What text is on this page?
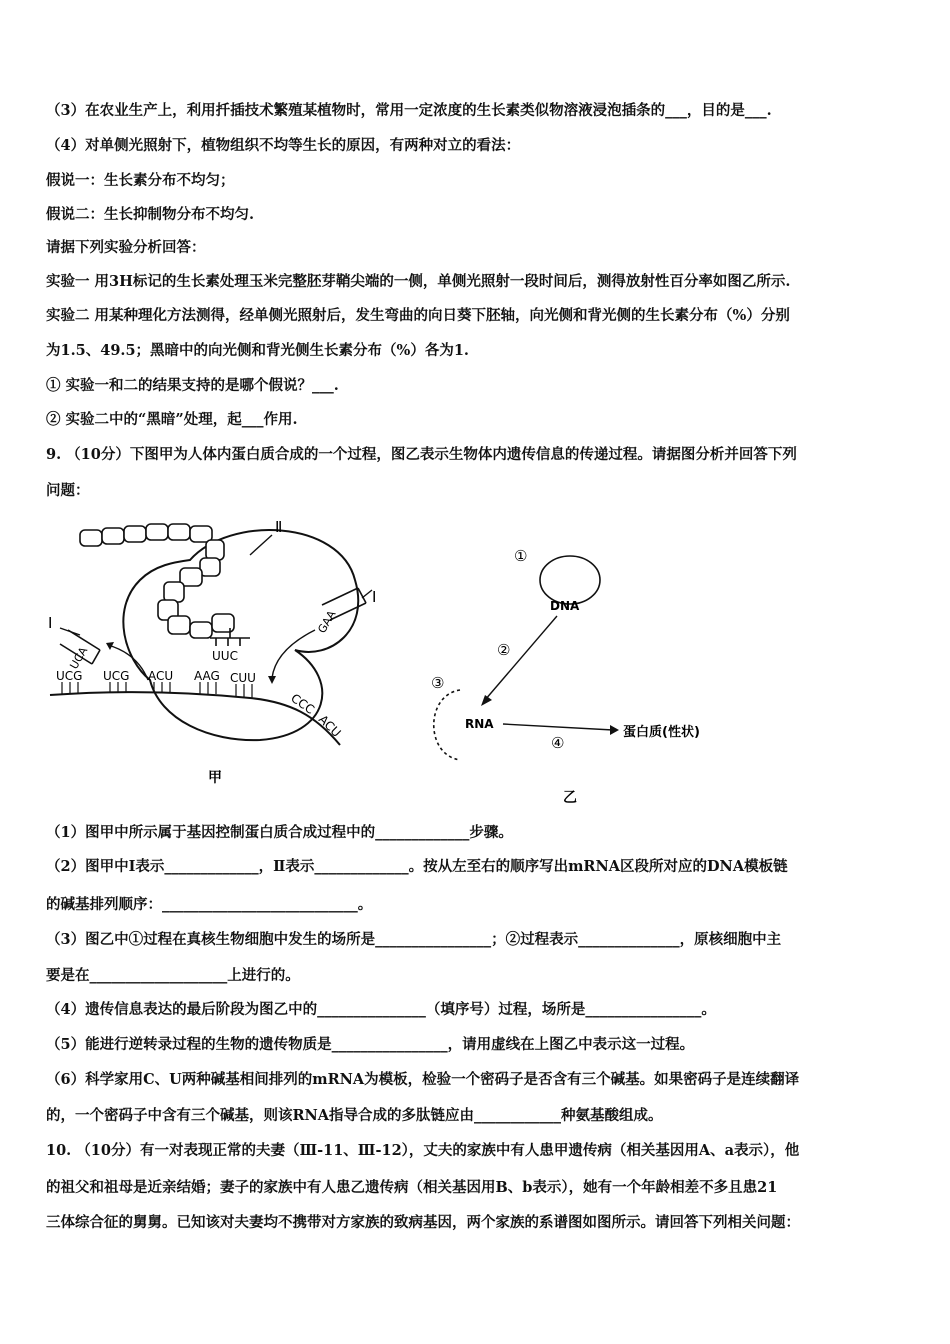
（3）在农业生产上，利用扦插技术繁殖某植物时，常用一定浓度的生长素类似物溶液浸泡插条的___，目的是___.
（4）对单侧光照射下，植物组织不均等生长的原因，有两种对立的看法：
假说一：生长素分布不均匀；
假说二：生长抑制物分布不均匀.
请据下列实验分析回答：
实验一 用3H标记的生长素处理玉米完整胚芽鞘尖端的一侧，单侧光照射一段时间后，测得放射性百分率如图乙所示.
实验二 用某种理化方法测得，经单侧光照射后，发生弯曲的向日葵下胚轴，向光侧和背光侧的生长素分布（%）分别
为1.5、49.5；黑暗中的向光侧和背光侧生长素分布（%）各为1.
① 实验一和二的结果支持的是哪个假说？___.
② 实验二中的“黑暗”处理，起___作用.
9. （10分）下图甲为人体内蛋白质合成的一个过程，图乙表示生物体内遗传信息的传递过程。请据图分析并回答下列
问题：
UUC
Ⅱ
UCA
I	GAA
I
UCG UCG ACU AAG CUU
CCC
ACU
甲
DNA
①
②
③
RNA
④
蛋白质(性状)
乙
（1）图甲中所示属于基因控制蛋白质合成过程中的_____________步骤。
（2）图甲中Ⅰ表示_____________，Ⅱ表示_____________。按从左至右的顺序写出mRNA区段所对应的DNA模板链
的碱基排列顺序：___________________________。
（3）图乙中①过程在真核生物细胞中发生的场所是________________；②过程表示______________，原核细胞中主
要是在___________________上进行的。
（4）遗传信息表达的最后阶段为图乙中的_______________（填序号）过程，场所是________________。
（5）能进行逆转录过程的生物的遗传物质是________________，请用虚线在上图乙中表示这一过程。
（6）科学家用C、U两种碱基相间排列的mRNA为模板，检验一个密码子是否含有三个碱基。如果密码子是连续翻译
的，一个密码子中含有三个碱基，则该RNA指导合成的多肽链应由____________种氨基酸组成。
10. （10分）有一对表现正常的夫妻（Ⅲ-11、Ⅲ-12），丈夫的家族中有人患甲遗传病（相关基因用A、a表示），他
的祖父和祖母是近亲结婚；妻子的家族中有人患乙遗传病（相关基因用B、b表示），她有一个年龄相差不多且患21
三体综合征的舅舅。已知该对夫妻均不携带对方家族的致病基因，两个家族的系谱图如图所示。请回答下列相关问题：
